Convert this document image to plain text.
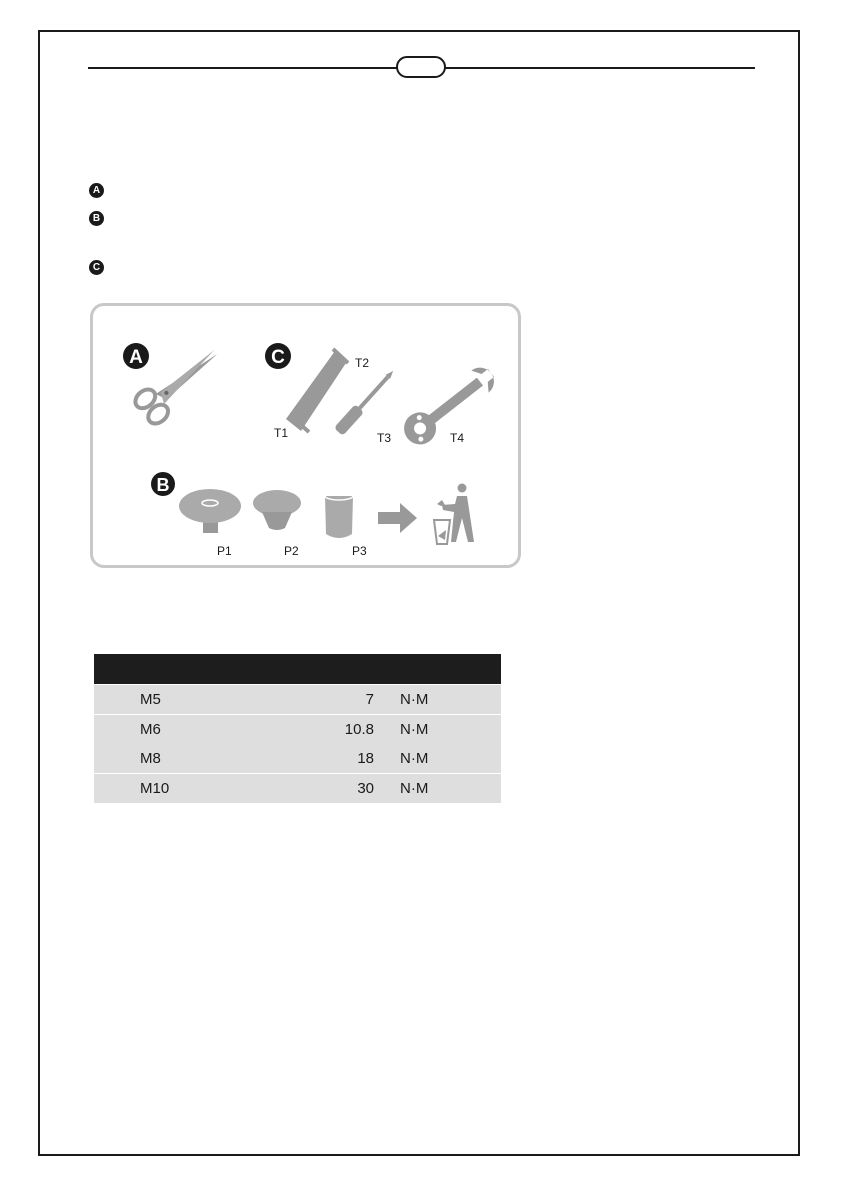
A
B
C
A	C	T2
T1	T3	T4
B
P1	P2	P3

M5	7	N·M
M6	10.8	N·M
M8	18	N·M
M10	30	N·M
